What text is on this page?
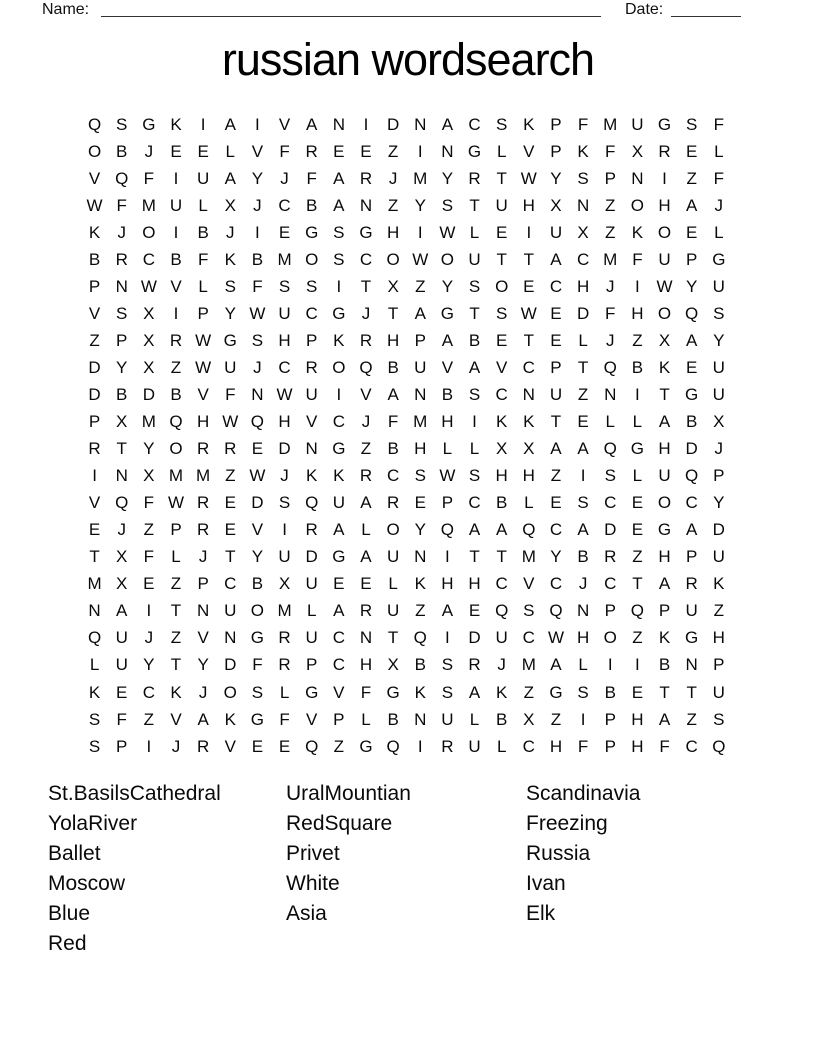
Name:	Date:
russian wordsearch
Q S G K	I	A	I	V A N	I	D N A C S K P F M U G S F
O B	J	E E L V F R E E Z	I	N G L V P K F X R E L
V Q F	I	U A Y	J	F A R J M Y R T W Y S P N	I	Z F
W F M U L X	J C B A N Z Y S T U H X N Z O H A	J
K	J O	I	B	J	I	E G S G H	I W L E	I	U X Z K O E L
B R C B F K B M O S C O W O U T T A C M F U P G
P N W V L S F S S	I	T X Z Y S O E C H J	I W Y U
V S X	I	P Y W U C G J	T A G T S W E D F H O Q S
Z P X R W G S H P K R H P A B E T E L	J	Z X A Y
D Y X Z W U J C R O Q B U V A V C P T Q B K E U
D B D B V F N W U	I	V A N B S C N U Z N	I	T G U
P X M Q H W Q H V C J	F M H	I	K K T E L	L A B X
R T Y O R R E D N G Z B H L	L X X A A Q G H D J
I	N X M M Z W J	K K R C S W S H H Z	I	S L U Q P
V Q F W R E D S Q U A R E P C B L E S C E O C Y
E	J	Z P R E V	I	R A L O Y Q A A Q C A D E G A D
T X F	L	J	T Y U D G A U N	I	T T M Y B R Z H P U
M X E Z P C B X U E E L K H H C V C J C T A R K
N A	I	T N U O M L A R U Z A E Q S Q N P Q P U Z
Q U J	Z V N G R U C N T Q	I	D U C W H O Z K G H
L U Y T Y D F R P C H X B S R J M A L	I	I	B N P
K E C K	J O S L G V F G K S A K Z G S B E T T U
S F Z V A K G F V P L B N U L B X Z	I	P H A Z S
S P	I	J R V E E Q Z G Q	I	R U L C H F P H F C Q
St.BasilsCathedral
YolaRiver
Ballet
Moscow
Blue
Red
UralMountian
RedSquare
Privet
White
Asia
Scandinavia
Freezing
Russia
Ivan
Elk
